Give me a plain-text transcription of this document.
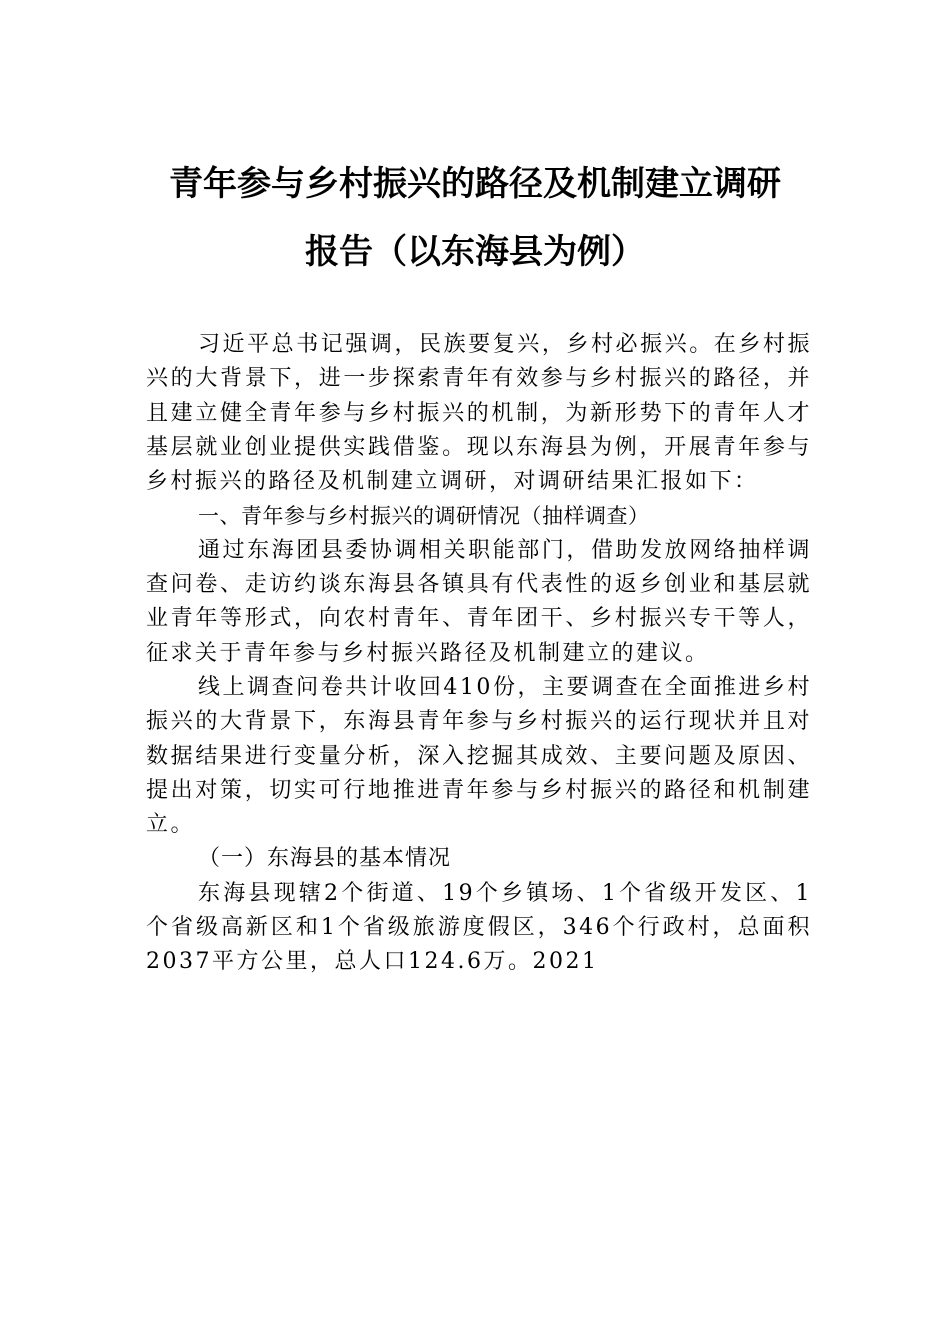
青年参与乡村振兴的路径及机制建立调研
报告（以东海县为例）

习近平总书记强调，民族要复兴，乡村必振兴。在乡村振兴的大背景下，进一步探索青年有效参与乡村振兴的路径，并且建立健全青年参与乡村振兴的机制，为新形势下的青年人才基层就业创业提供实践借鉴。现以东海县为例，开展青年参与乡村振兴的路径及机制建立调研，对调研结果汇报如下：

一、青年参与乡村振兴的调研情况（抽样调查）

通过东海团县委协调相关职能部门，借助发放网络抽样调查问卷、走访约谈东海县各镇具有代表性的返乡创业和基层就业青年等形式，向农村青年、青年团干、乡村振兴专干等人，征求关于青年参与乡村振兴路径及机制建立的建议。

线上调查问卷共计收回410份，主要调查在全面推进乡村振兴的大背景下，东海县青年参与乡村振兴的运行现状并且对数据结果进行变量分析，深入挖掘其成效、主要问题及原因、提出对策，切实可行地推进青年参与乡村振兴的路径和机制建立。

（一）东海县的基本情况

东海县现辖2个街道、19个乡镇场、1个省级开发区、1个省级高新区和1个省级旅游度假区，346个行政村，总面积2037平方公里，总人口124.6万。2021
